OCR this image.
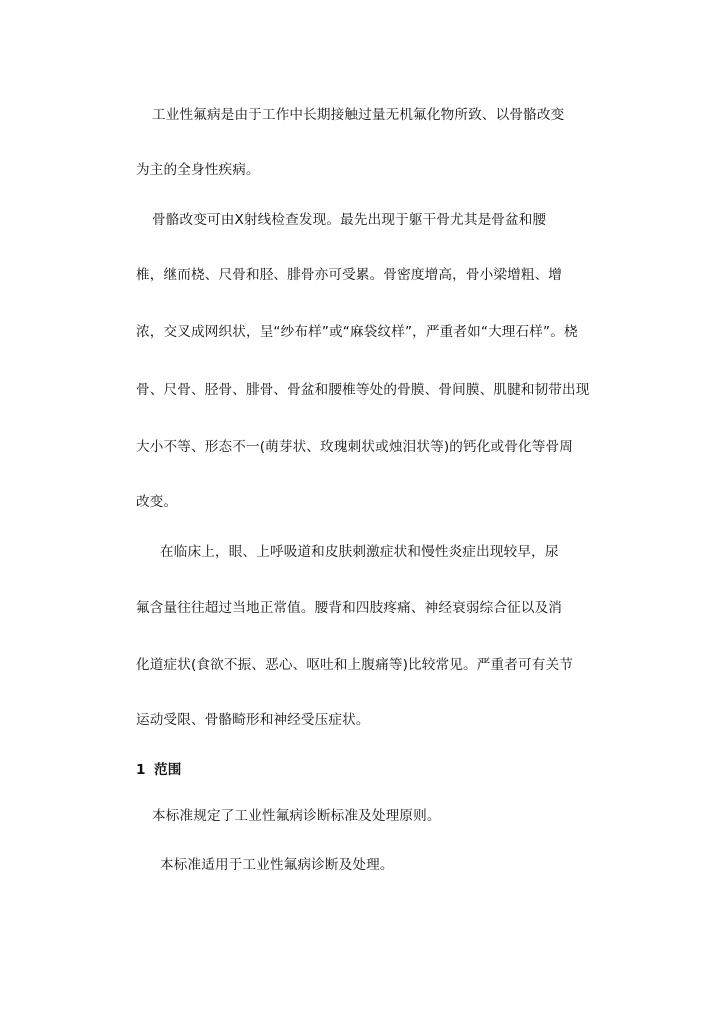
工业性氟病是由于工作中长期接触过量无机氟化物所致、以骨骼改变
为主的全身性疾病。
骨骼改变可由Ⅹ射线检查发现。最先出现于躯干骨尤其是骨盆和腰
椎，继而桡、尺骨和胫、腓骨亦可受累。骨密度增高，骨小梁增粗、增
浓，交叉成网织状，呈“纱布样”或“麻袋纹样”，严重者如“大理石样”。桡
骨、尺骨、胫骨、腓骨、骨盆和腰椎等处的骨膜、骨间膜、肌腱和韧带出现
大小不等、形态不一(萌芽状、玫瑰刺状或烛泪状等)的钙化或骨化等骨周
改变。
在临床上，眼、上呼吸道和皮肤刺激症状和慢性炎症出现较早，尿
氟含量往往超过当地正常值。腰背和四肢疼痛、神经衰弱综合征以及消
化道症状(食欲不振、恶心、呕吐和上腹痛等)比较常见。严重者可有关节
运动受限、骨骼畸形和神经受压症状。
1 范围
本标准规定了工业性氟病诊断标准及处理原则。
本标准适用于工业性氟病诊断及处理。
